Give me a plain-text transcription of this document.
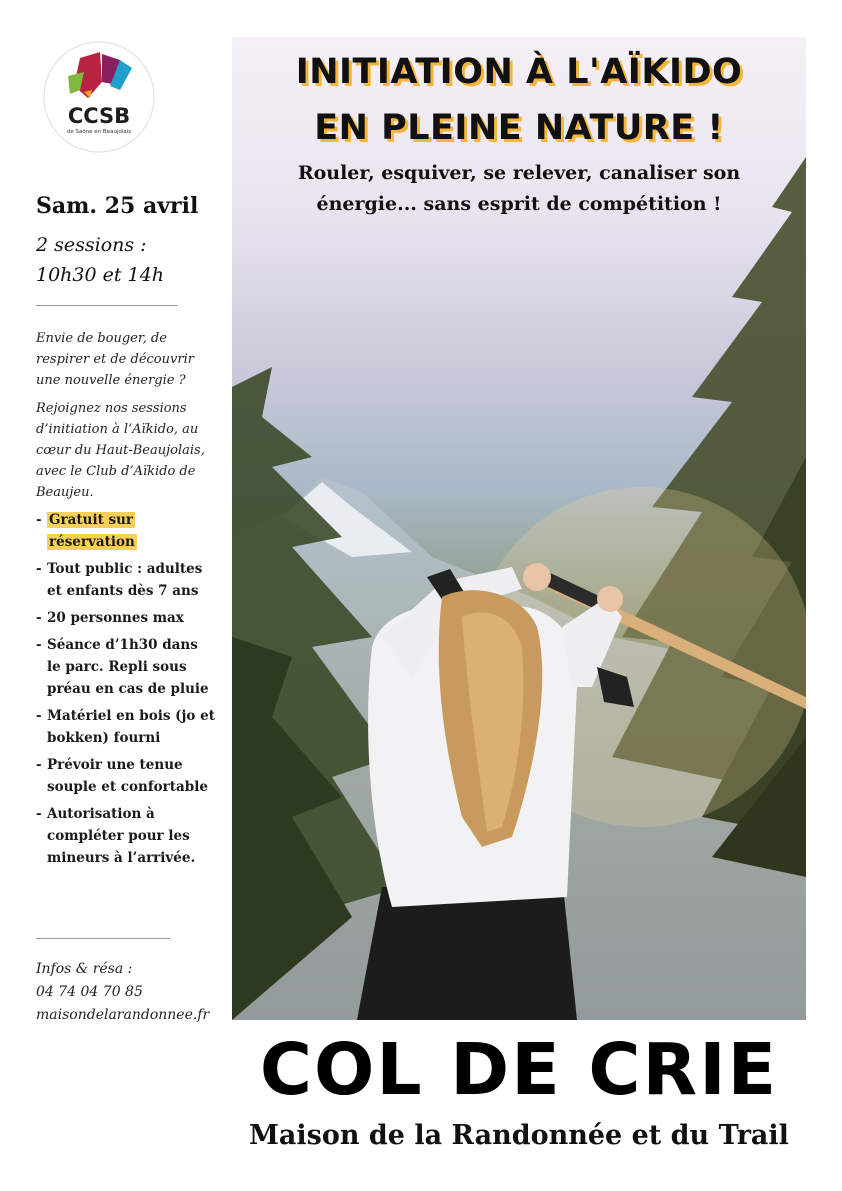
CCSB
de Saône en Beaujolais
Sam. 25 avril
2 sessions :
10h30 et 14h

Envie de bouger, de respirer et de découvrir une nouvelle énergie ?

Rejoignez nos sessions d’initiation à l’Aïkido, au cœur du Haut-Beaujolais, avec le Club d’Aïkido de Beaujeu.

- Gratuit sur réservation
- Tout public : adultes et enfants dès 7 ans
- 20 personnes max
- Séance d’1h30 dans le parc. Repli sous préau en cas de pluie
- Matériel en bois (jo et bokken) fourni
- Prévoir une tenue souple et confortable
- Autorisation à compléter pour les mineurs à l’arrivée.
Infos & résa :
04 74 04 70 85
maisondelarandonnee.fr
INITIATION À L'AÏKIDO
EN PLEINE NATURE !
Rouler, esquiver, se relever, canaliser son
énergie... sans esprit de compétition !
COL DE CRIE
Maison de la Randonnée et du Trail
